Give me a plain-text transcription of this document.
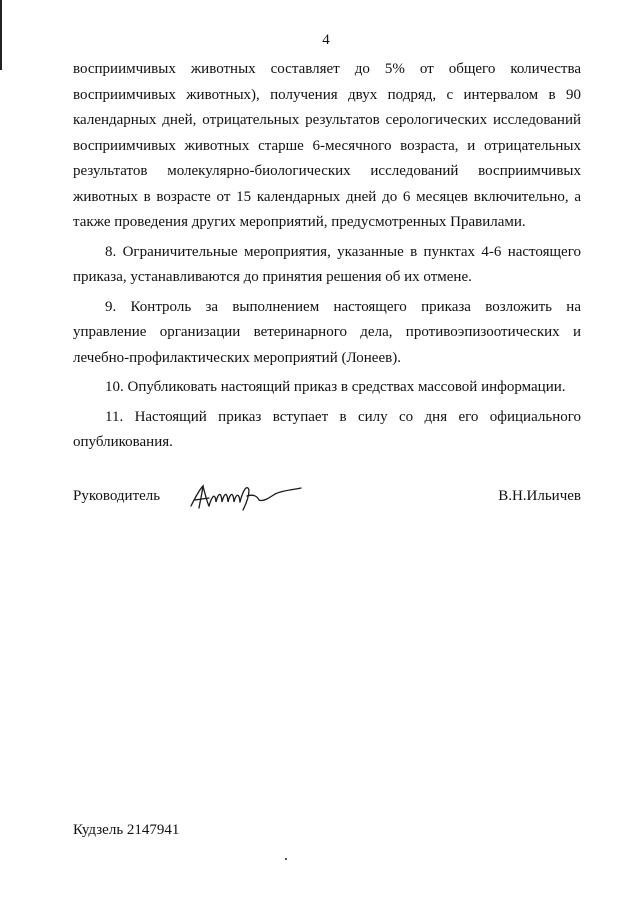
4

восприимчивых животных составляет до 5% от общего количества восприимчивых животных), получения двух подряд, с интервалом в 90 календарных дней, отрицательных результатов серологических исследований восприимчивых животных старше 6-месячного возраста, и отрицательных результатов молекулярно-биологических исследований восприимчивых животных в возрасте от 15 календарных дней до 6 месяцев включительно, а также проведения других мероприятий, предусмотренных Правилами.

8. Ограничительные мероприятия, указанные в пунктах 4-6 настоящего приказа, устанавливаются до принятия решения об их отмене.

9. Контроль за выполнением настоящего приказа возложить на управление организации ветеринарного дела, противоэпизоотических и лечебно-профилактических мероприятий (Лонеев).

10. Опубликовать настоящий приказ в средствах массовой информации.

11. Настоящий приказ вступает в силу со дня его официального опубликования.

Руководитель	В.Н.Ильичев
Кудзель 2147941
